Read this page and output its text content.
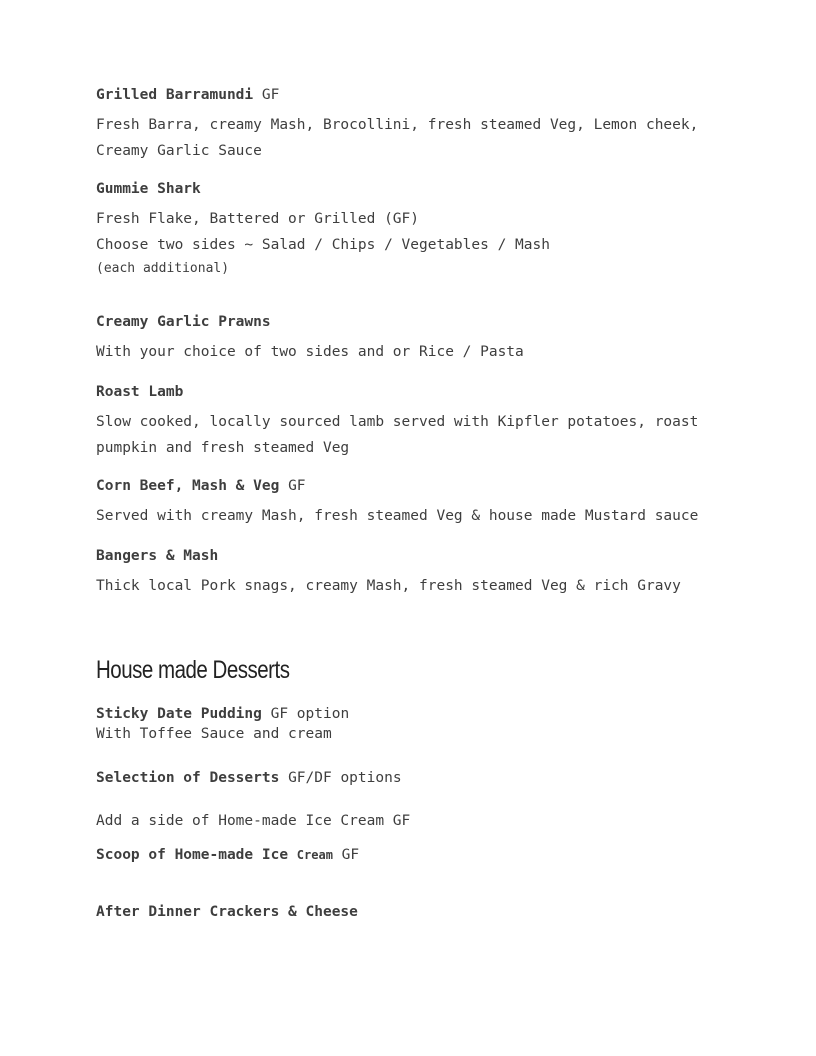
Grilled Barramundi GF
Fresh Barra, creamy Mash, Brocollini, fresh steamed Veg, Lemon cheek,
Creamy Garlic Sauce
Gummie Shark
Fresh Flake, Battered or Grilled (GF)
Choose two sides ~ Salad / Chips / Vegetables / Mash
(each additional)
Creamy Garlic Prawns
With your choice of two sides and or Rice / Pasta
Roast Lamb
Slow cooked, locally sourced lamb served with Kipfler potatoes, roast
pumpkin and fresh steamed Veg
Corn Beef, Mash & Veg GF
Served with creamy Mash, fresh steamed Veg & house made Mustard sauce
Bangers & Mash
Thick local Pork snags, creamy Mash, fresh steamed Veg & rich Gravy
House made Desserts
Sticky Date Pudding GF option
With Toffee Sauce and cream
Selection of Desserts GF/DF options
Add a side of Home-made Ice Cream GF
Scoop of Home-made Ice Cream GF
After Dinner Crackers & Cheese
